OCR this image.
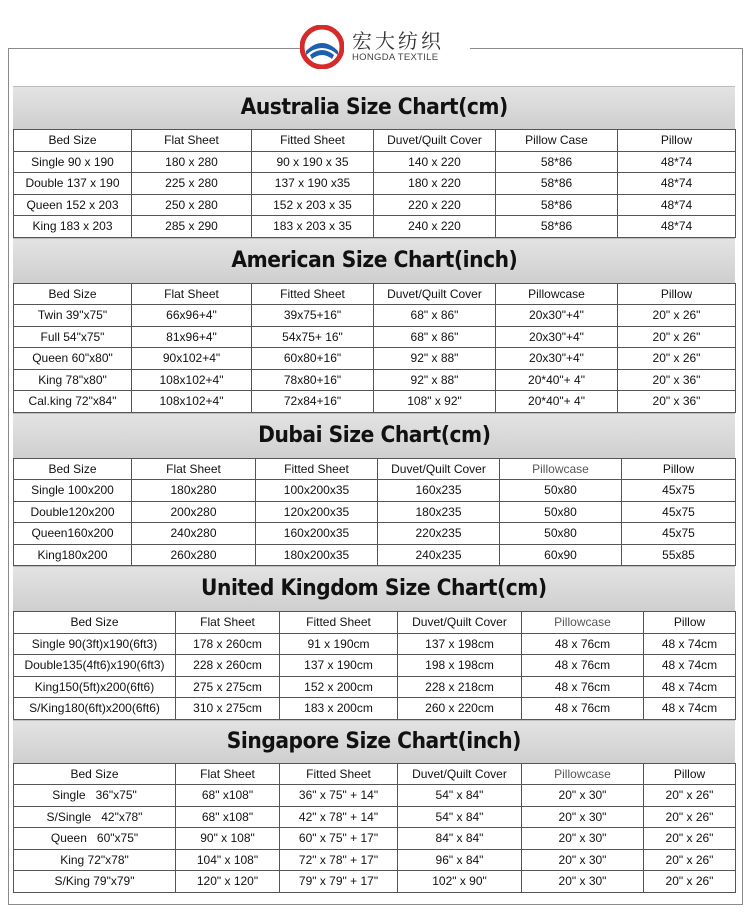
宏大纺织
HONGDA TEXTILE
Australia Size Chart(cm)
Bed Size	Flat Sheet	Fitted Sheet	Duvet/Quilt Cover	Pillow Case	Pillow
Single 90 x 190	180 x 280	90 x 190 x 35	140 x 220	58*86	48*74
Double 137 x 190	225 x 280	137 x 190 x35	180 x 220	58*86	48*74
Queen 152 x 203	250 x 280	152 x 203 x 35	220 x 220	58*86	48*74
King 183 x 203	285 x 290	183 x 203 x 35	240 x 220	58*86	48*74
American Size Chart(inch)
Bed Size	Flat Sheet	Fitted Sheet	Duvet/Quilt Cover	Pillowcase	Pillow
Twin 39"x75"	66x96+4"	39x75+16"	68" x 86"	20x30"+4"	20" x 26"
Full 54"x75"	81x96+4"	54x75+ 16"	68" x 86"	20x30"+4"	20" x 26"
Queen 60"x80"	90x102+4"	60x80+16"	92" x 88"	20x30"+4"	20" x 26"
King 78"x80"	108x102+4"	78x80+16"	92" x 88"	20*40"+ 4"	20" x 36"
Cal.king 72"x84"	108x102+4"	72x84+16"	108" x 92"	20*40"+ 4"	20" x 36"
Dubai Size Chart(cm)
Bed Size	Flat Sheet	Fitted Sheet	Duvet/Quilt Cover	Pillowcase	Pillow
Single 100x200	180x280	100x200x35	160x235	50x80	45x75
Double120x200	200x280	120x200x35	180x235	50x80	45x75
Queen160x200	240x280	160x200x35	220x235	50x80	45x75
King180x200	260x280	180x200x35	240x235	60x90	55x85
United Kingdom Size Chart(cm)
Bed Size	Flat Sheet	Fitted Sheet	Duvet/Quilt Cover	Pillowcase	Pillow
Single 90(3ft)x190(6ft3)	178 x 260cm	91 x 190cm	137 x 198cm	48 x 76cm	48 x 74cm
Double135(4ft6)x190(6ft3)	228 x 260cm	137 x 190cm	198 x 198cm	48 x 76cm	48 x 74cm
King150(5ft)x200(6ft6)	275 x 275cm	152 x 200cm	228 x 218cm	48 x 76cm	48 x 74cm
S/King180(6ft)x200(6ft6)	310 x 275cm	183 x 200cm	260 x 220cm	48 x 76cm	48 x 74cm
Singapore Size Chart(inch)
Bed Size	Flat Sheet	Fitted Sheet	Duvet/Quilt Cover	Pillowcase	Pillow
Single   36"x75"	68" x108"	36" x 75" + 14"	54" x 84"	20" x 30"	20" x 26"
S/Single   42"x78"	68" x108"	42" x 78" + 14"	54" x 84"	20" x 30"	20" x 26"
Queen   60"x75"	90" x 108"	60" x 75" + 17"	84" x 84"	20" x 30"	20" x 26"
King 72"x78"	104" x 108"	72" x 78" + 17"	96" x 84"	20" x 30"	20" x 26"
S/King 79"x79"	120" x 120"	79" x 79" + 17"	102" x 90"	20" x 30"	20" x 26"
